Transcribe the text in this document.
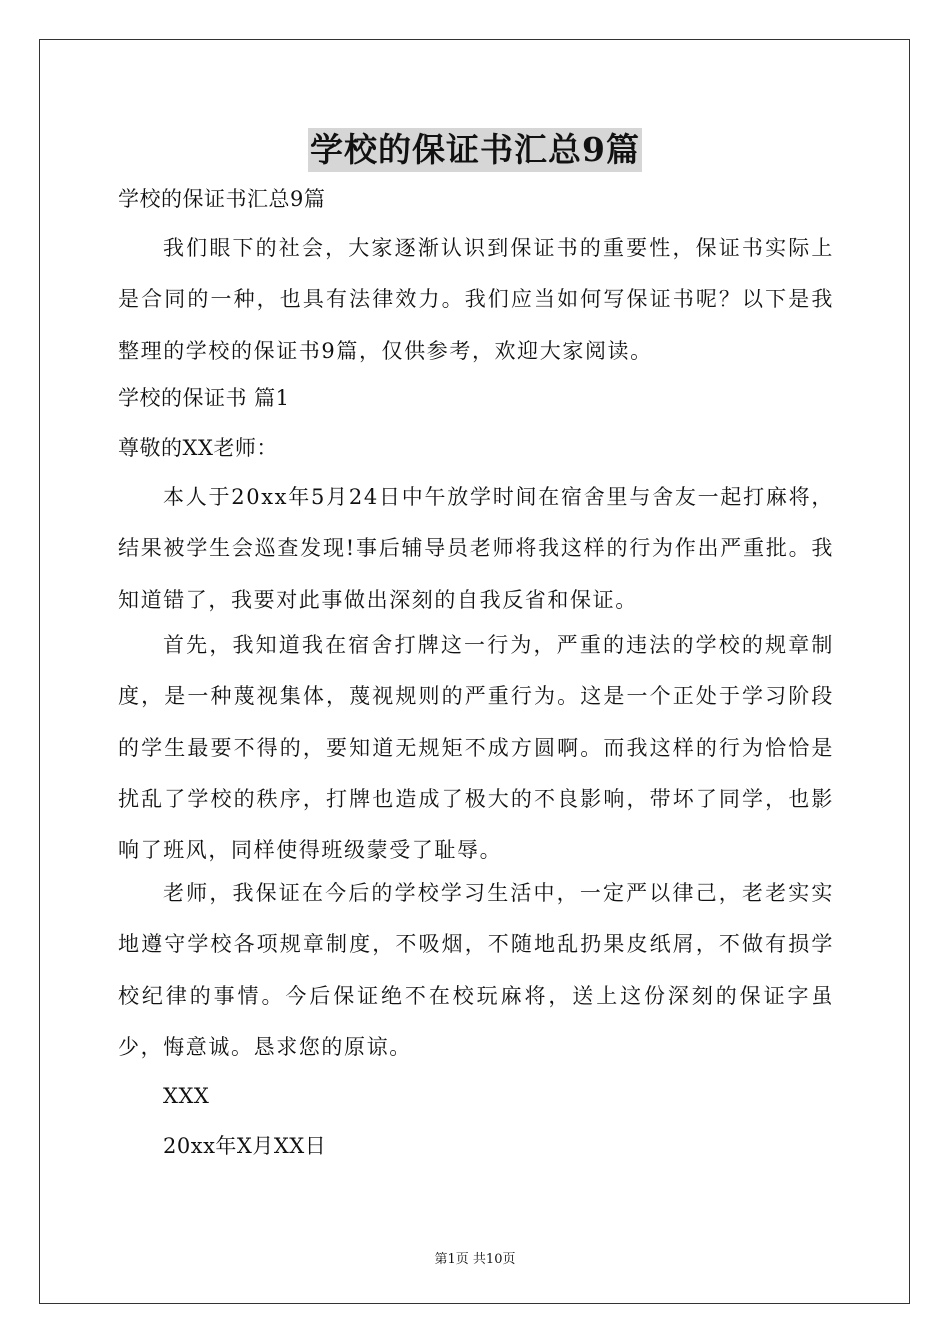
学校的保证书汇总9篇
学校的保证书汇总9篇

我们眼下的社会，大家逐渐认识到保证书的重要性，保证书实际上是合同的一种，也具有法律效力。我们应当如何写保证书呢？以下是我整理的学校的保证书9篇，仅供参考，欢迎大家阅读。

学校的保证书 篇1
尊敬的XX老师：

本人于20xx年5月24日中午放学时间在宿舍里与舍友一起打麻将，结果被学生会巡查发现!事后辅导员老师将我这样的行为作出严重批。我知道错了，我要对此事做出深刻的自我反省和保证。

首先，我知道我在宿舍打牌这一行为，严重的违法的学校的规章制度，是一种蔑视集体，蔑视规则的严重行为。这是一个正处于学习阶段的学生最要不得的，要知道无规矩不成方圆啊。而我这样的行为恰恰是扰乱了学校的秩序，打牌也造成了极大的不良影响，带坏了同学，也影响了班风，同样使得班级蒙受了耻辱。

老师，我保证在今后的学校学习生活中，一定严以律己，老老实实地遵守学校各项规章制度，不吸烟，不随地乱扔果皮纸屑，不做有损学校纪律的事情。今后保证绝不在校玩麻将，送上这份深刻的保证字虽少，悔意诚。恳求您的原谅。

XXX
20xx年X月XX日
第1页 共10页
